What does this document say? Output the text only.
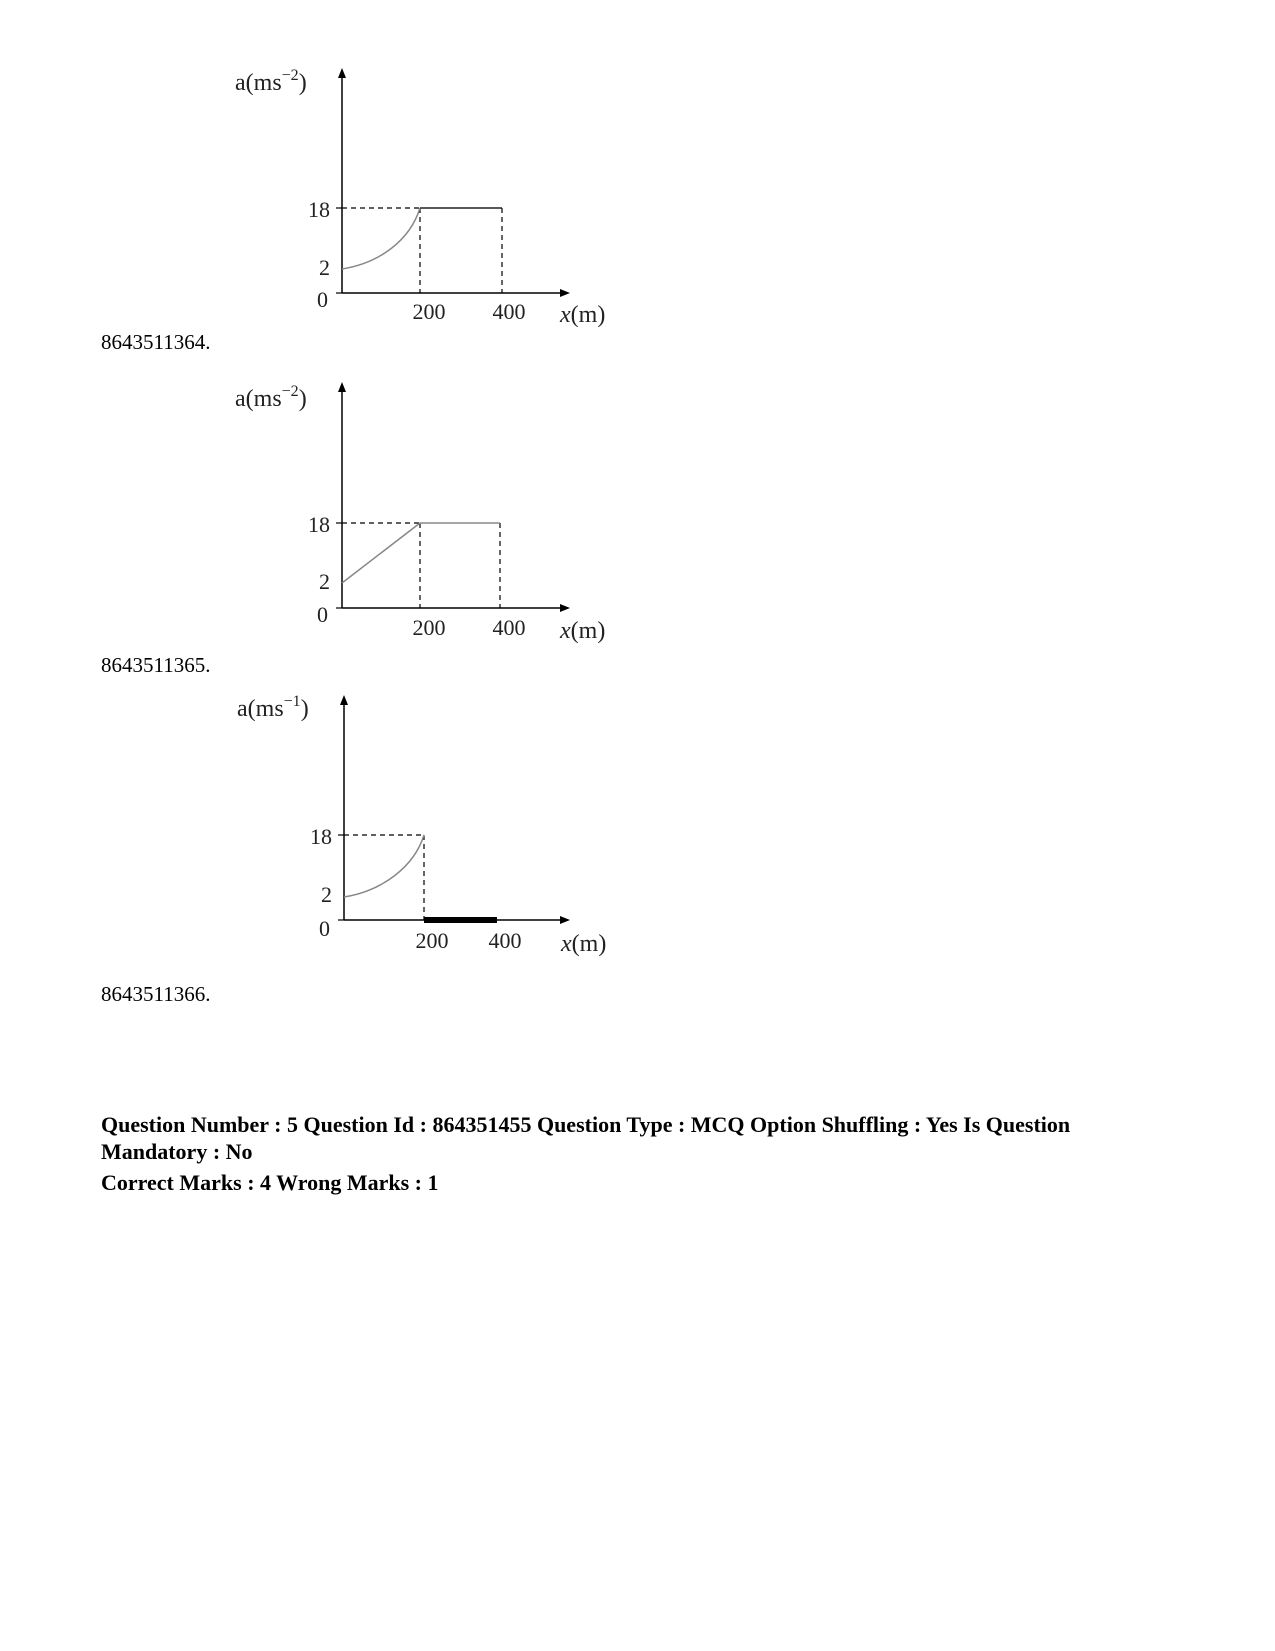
$a(ms^{-2})$
18
2
0	200 400 x(m)
8643511364.
$a(ms^{-2})$
18
2
0
200 400 x(m)
8643511365.
$a(ms^{-1})$
18
2
0	200 400 x(m)
8643511366.
Question Number : 5 Question Id : 864351455 Question Type : MCQ Option Shuffling : Yes Is Question Mandatory : No
Correct Marks : 4 Wrong Marks : 1
